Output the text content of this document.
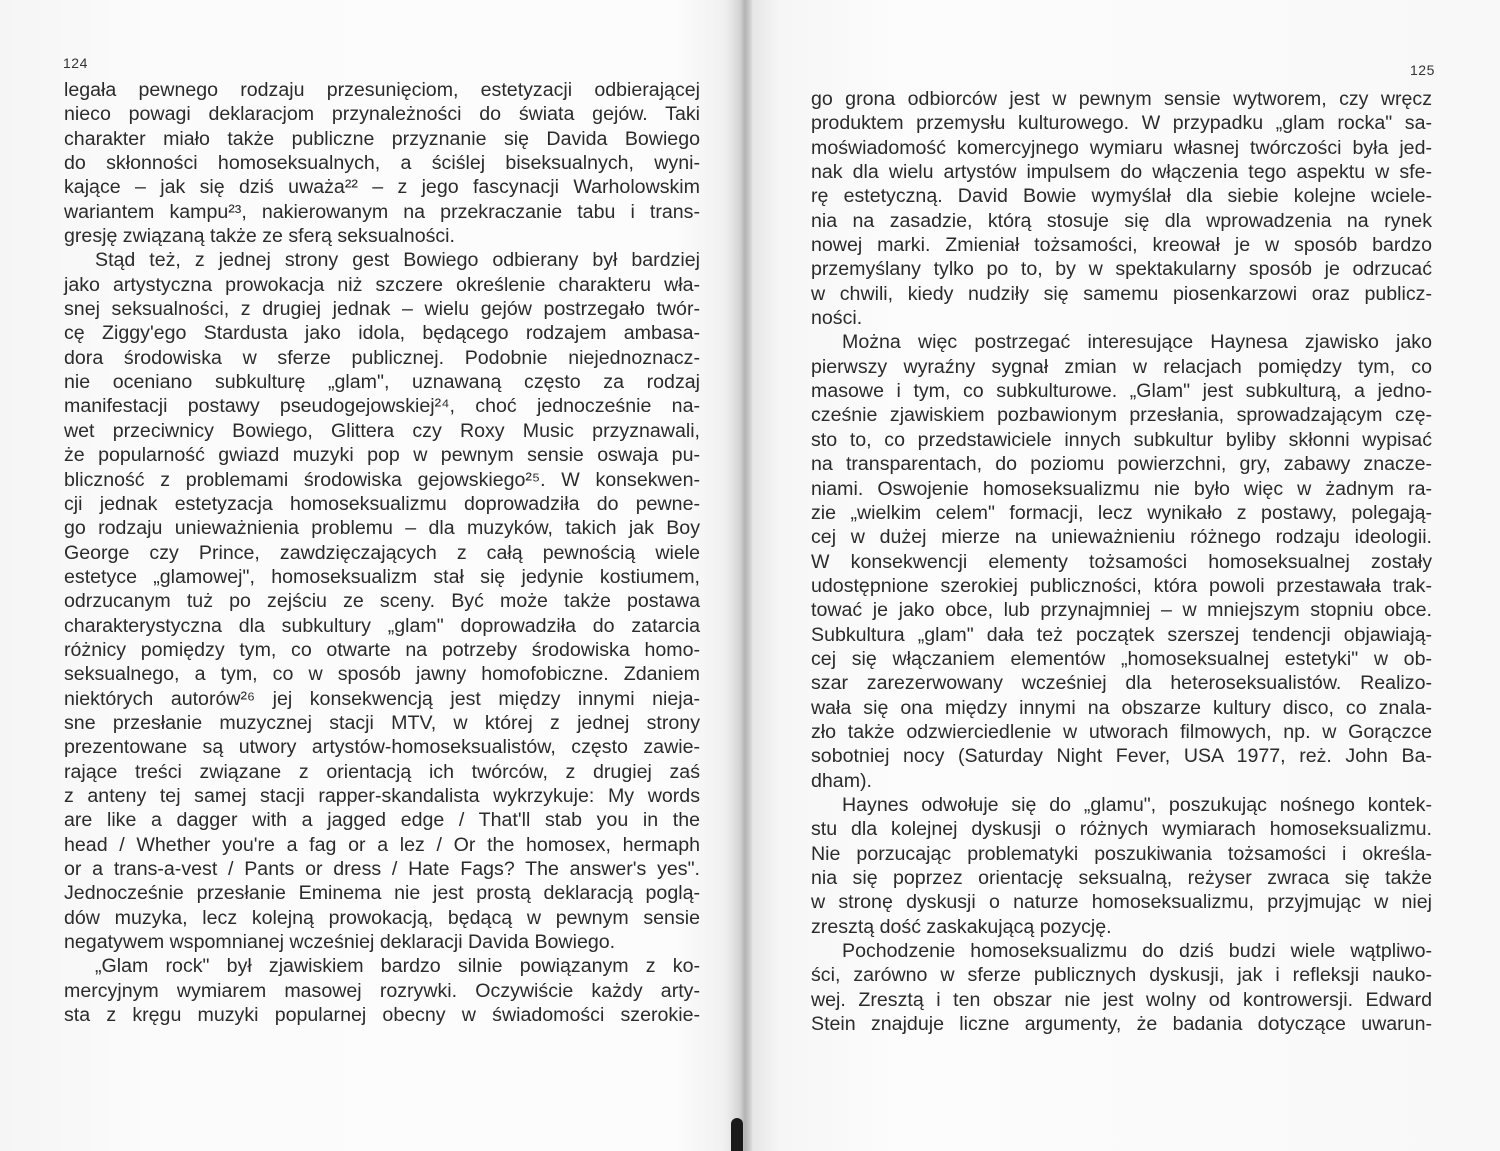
124
legała pewnego rodzaju przesunięciom, estetyzacji odbierającej
nieco powagi deklaracjom przynależności do świata gejów. Taki
charakter miało także publiczne przyznanie się Davida Bowiego
do skłonności homoseksualnych, a ściślej biseksualnych, wyni-
kające – jak się dziś uważa²² – z jego fascynacji Warholowskim
wariantem kampu²³, nakierowanym na przekraczanie tabu i trans-
gresję związaną także ze sferą seksualności.
Stąd też, z jednej strony gest Bowiego odbierany był bardziej
jako artystyczna prowokacja niż szczere określenie charakteru wła-
snej seksualności, z drugiej jednak – wielu gejów postrzegało twór-
cę Ziggy'ego Stardusta jako idola, będącego rodzajem ambasa-
dora środowiska w sferze publicznej. Podobnie niejednoznacz-
nie oceniano subkulturę „glam", uznawaną często za rodzaj
manifestacji postawy pseudogejowskiej²⁴, choć jednocześnie na-
wet przeciwnicy Bowiego, Glittera czy Roxy Music przyznawali,
że popularność gwiazd muzyki pop w pewnym sensie oswaja pu-
bliczność z problemami środowiska gejowskiego²⁵. W konsekwen-
cji jednak estetyzacja homoseksualizmu doprowadziła do pewne-
go rodzaju unieważnienia problemu – dla muzyków, takich jak Boy
George czy Prince, zawdzięczających z całą pewnością wiele
estetyce „glamowej", homoseksualizm stał się jedynie kostiumem,
odrzucanym tuż po zejściu ze sceny. Być może także postawa
charakterystyczna dla subkultury „glam" doprowadziła do zatarcia
różnicy pomiędzy tym, co otwarte na potrzeby środowiska homo-
seksualnego, a tym, co w sposób jawny homofobiczne. Zdaniem
niektórych autorów²⁶ jej konsekwencją jest między innymi nieja-
sne przesłanie muzycznej stacji MTV, w której z jednej strony
prezentowane są utwory artystów-homoseksualistów, często zawie-
rające treści związane z orientacją ich twórców, z drugiej zaś
z anteny tej samej stacji rapper-skandalista wykrzykuje: My words
are like a dagger with a jagged edge / That'll stab you in the
head / Whether you're a fag or a lez / Or the homosex, hermaph
or a trans-a-vest / Pants or dress / Hate Fags? The answer's yes".
Jednocześnie przesłanie Eminema nie jest prostą deklaracją poglą-
dów muzyka, lecz kolejną prowokacją, będącą w pewnym sensie
negatywem wspomnianej wcześniej deklaracji Davida Bowiego.
„Glam rock" był zjawiskiem bardzo silnie powiązanym z ko-
mercyjnym wymiarem masowej rozrywki. Oczywiście każdy arty-
sta z kręgu muzyki popularnej obecny w świadomości szerokie-
125
go grona odbiorców jest w pewnym sensie wytworem, czy wręcz
produktem przemysłu kulturowego. W przypadku „glam rocka" sa-
moświadomość komercyjnego wymiaru własnej twórczości była jed-
nak dla wielu artystów impulsem do włączenia tego aspektu w sfe-
rę estetyczną. David Bowie wymyślał dla siebie kolejne wciele-
nia na zasadzie, którą stosuje się dla wprowadzenia na rynek
nowej marki. Zmieniał tożsamości, kreował je w sposób bardzo
przemyślany tylko po to, by w spektakularny sposób je odrzucać
w chwili, kiedy nudziły się samemu piosenkarzowi oraz publicz-
ności.
Można więc postrzegać interesujące Haynesa zjawisko jako
pierwszy wyraźny sygnał zmian w relacjach pomiędzy tym, co
masowe i tym, co subkulturowe. „Glam" jest subkulturą, a jedno-
cześnie zjawiskiem pozbawionym przesłania, sprowadzającym czę-
sto to, co przedstawiciele innych subkultur byliby skłonni wypisać
na transparentach, do poziomu powierzchni, gry, zabawy znacze-
niami. Oswojenie homoseksualizmu nie było więc w żadnym ra-
zie „wielkim celem" formacji, lecz wynikało z postawy, polegają-
cej w dużej mierze na unieważnieniu różnego rodzaju ideologii.
W konsekwencji elementy tożsamości homoseksualnej zostały
udostępnione szerokiej publiczności, która powoli przestawała trak-
tować je jako obce, lub przynajmniej – w mniejszym stopniu obce.
Subkultura „glam" dała też początek szerszej tendencji objawiają-
cej się włączaniem elementów „homoseksualnej estetyki" w ob-
szar zarezerwowany wcześniej dla heteroseksualistów. Realizo-
wała się ona między innymi na obszarze kultury disco, co znala-
zło także odzwierciedlenie w utworach filmowych, np. w Gorączce
sobotniej nocy (Saturday Night Fever, USA 1977, reż. John Ba-
dham).
Haynes odwołuje się do „glamu", poszukując nośnego kontek-
stu dla kolejnej dyskusji o różnych wymiarach homoseksualizmu.
Nie porzucając problematyki poszukiwania tożsamości i określa-
nia się poprzez orientację seksualną, reżyser zwraca się także
w stronę dyskusji o naturze homoseksualizmu, przyjmując w niej
zresztą dość zaskakującą pozycję.
Pochodzenie homoseksualizmu do dziś budzi wiele wątpliwo-
ści, zarówno w sferze publicznych dyskusji, jak i refleksji nauko-
wej. Zresztą i ten obszar nie jest wolny od kontrowersji. Edward
Stein znajduje liczne argumenty, że badania dotyczące uwarun-
